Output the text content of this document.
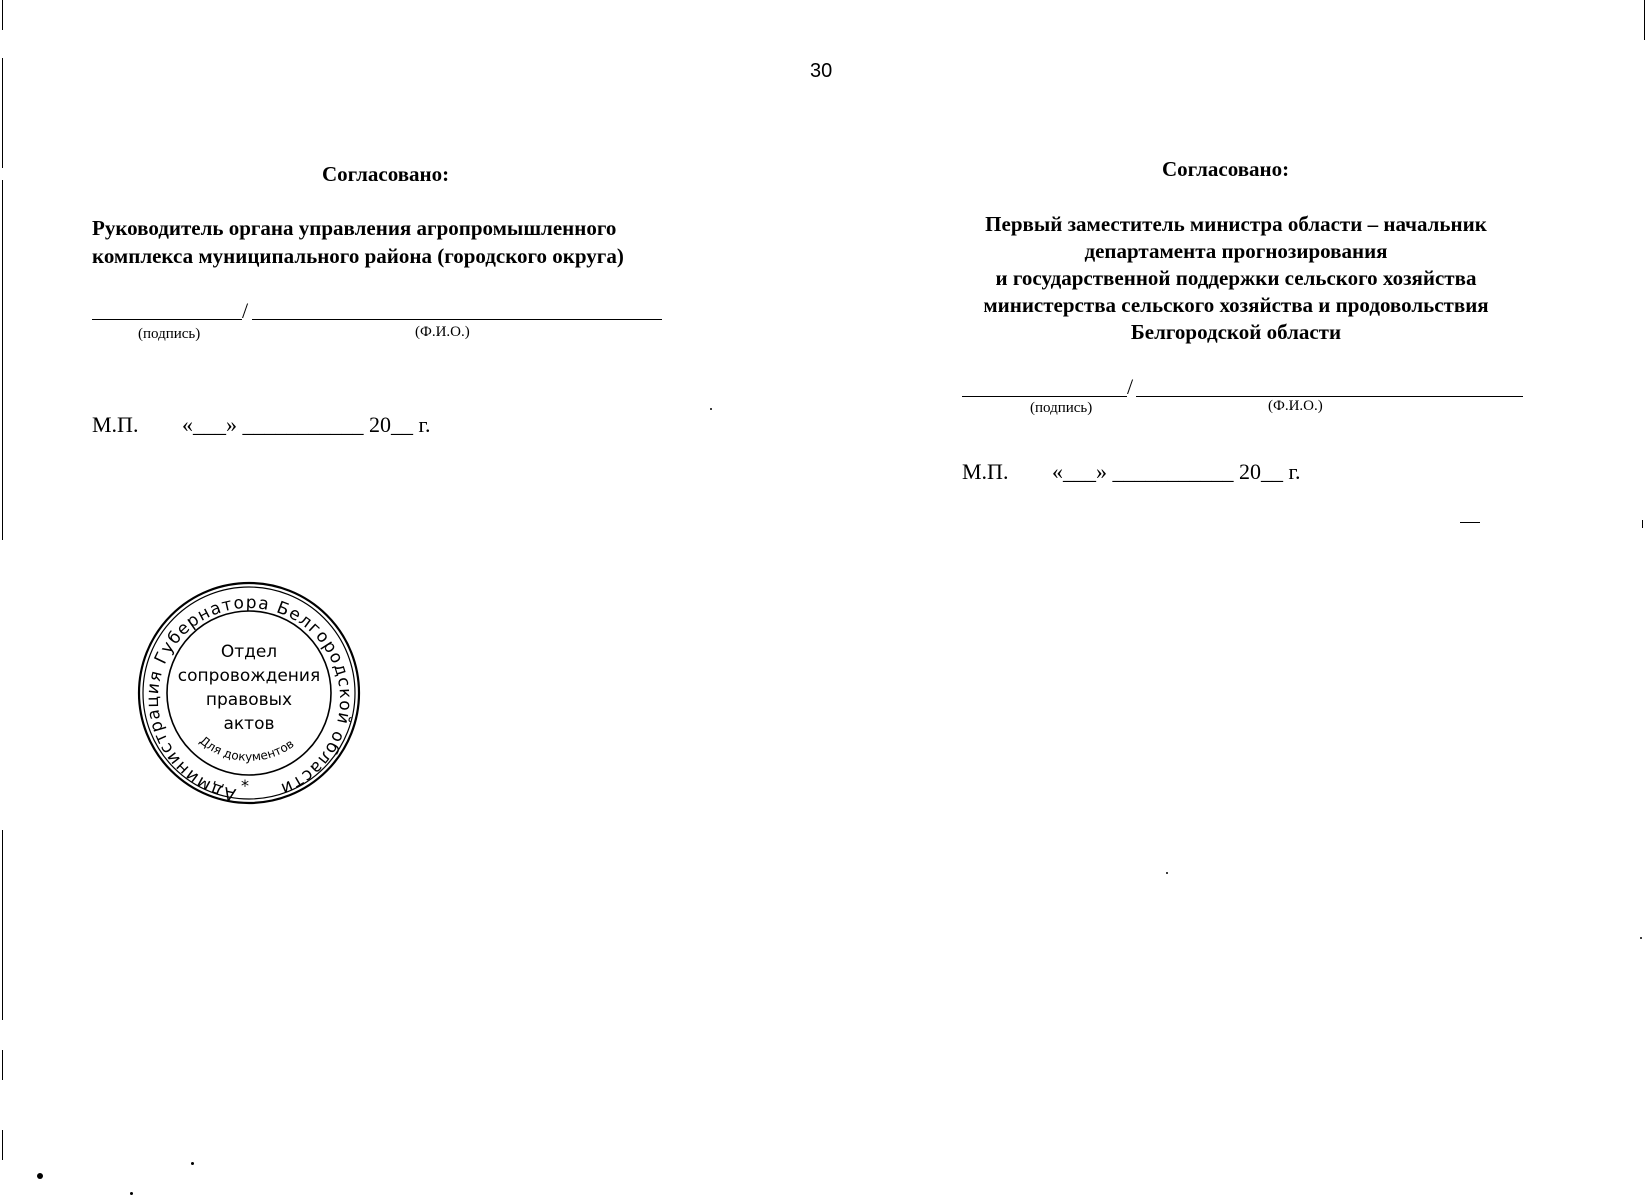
30
Согласовано:
Руководитель органа управления агропромышленного
комплекса муниципального района (городского округа)
/
(подпись)	(Ф.И.О.)
М.П. «___» ___________ 20__ г.
Согласовано:
Первый заместитель министра области – начальник
департамента прогнозирования
и государственной поддержки сельского хозяйства
министерства сельского хозяйства и продовольствия
Белгородской области
/
(подпись)	(Ф.И.О.)
М.П. «___» ___________ 20__ г.
Администрация Губернатора Белгородской области
Для документов
Отдел
сопровождения
правовых
актов
*
